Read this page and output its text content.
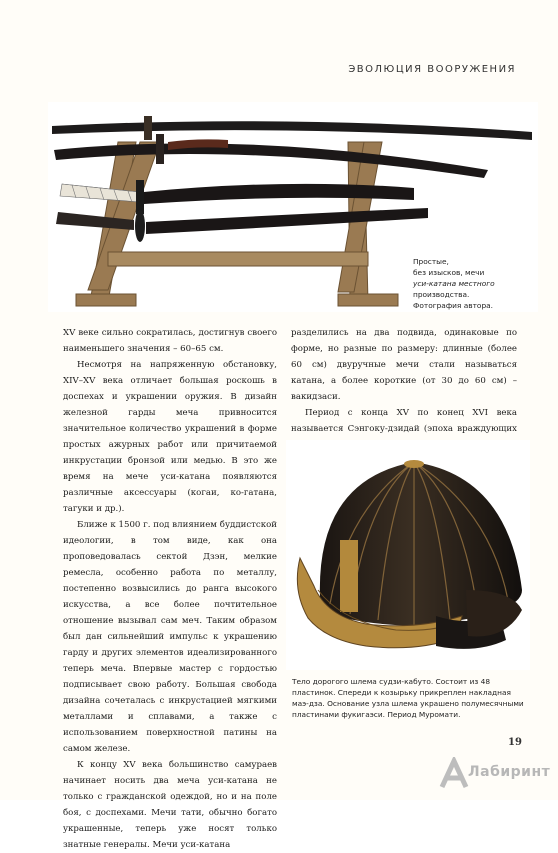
ЭВОЛЮЦИЯ ВООРУЖЕНИЯ
Простые,
без изысков, мечи
уси-катана местного
производства.
Фотография автора.

XV веке сильно сократилась, достигнув своего наименьшего значения – 60–65 см.

Несмотря на напряженную обстановку, XIV–XV века отличает большая роскошь в доспехах и украшении оружия. В дизайн железной гарды меча привносится значительное количество украшений в форме простых ажурных работ или причитаемой инкрустации бронзой или медью. В это же время на мече уси-катана появляются различные аксессуары (когаи, ко-гатана, тагуки и др.).

Ближе к 1500 г. под влиянием буддистской идеологии, в том виде, как она проповедовалась сектой Дзэн, мелкие ремесла, особенно работа по металлу, постепенно возвысились до ранга высокого искусства, а все более почтительное отношение вызывал сам меч. Таким образом был дан сильнейший импульс к украшению гарду и других элементов идеализированного теперь меча. Впервые мастер с гордостью подписывает свою работу. Большая свобода дизайна сочеталась с инкрустацией мягкими металлами и сплавами, а также с использованием поверхностной патины на самом железе.

К концу XV века большинство самураев начинает носить два меча уси-катана не только с гражданской одеждой, но и на поле боя, с доспехами. Мечи тати, обычно богато украшенные, теперь уже носят только знатные генералы. Мечи уси-катана

разделились на два подвида, одинаковые по форме, но разные по размеру: длинные (более 60 см) двуручные мечи стали называться катана, а более короткие (от 30 до 60 см) – вакидзаси.

Период с конца XV по конец XVI века называется Сэнгоку-дзидай (эпоха враждующих

Тело дорогого шлема судзи-кабуто. Состоит из 48
пластинок. Спереди к козырьку прикреплен накладная
маэ-дза. Основание узла шлема украшено полумесячными
пластинами фукигаэси. Период Муромати.
19
Лабиринт
